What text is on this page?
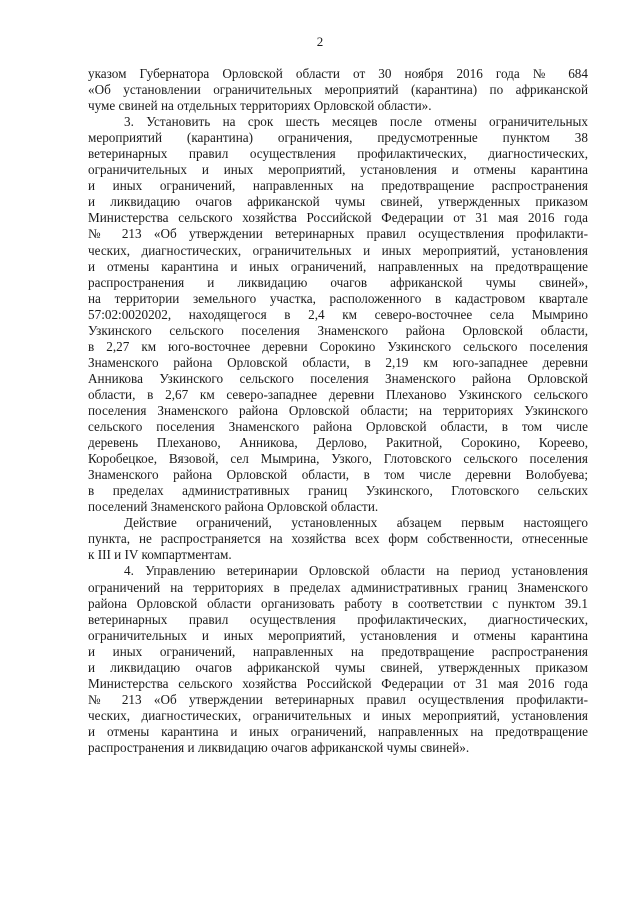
2
указом Губернатора Орловской области от 30 ноября 2016 года № 684
«Об установлении ограничительных мероприятий (карантина) по африканской
чуме свиней на отдельных территориях Орловской области».
3. Установить на срок шесть месяцев после отмены ограничительных
мероприятий (карантина) ограничения, предусмотренные пунктом 38
ветеринарных правил осуществления профилактических, диагностических,
ограничительных и иных мероприятий, установления и отмены карантина
и иных ограничений, направленных на предотвращение распространения
и ликвидацию очагов африканской чумы свиней, утвержденных приказом
Министерства сельского хозяйства Российской Федерации от 31 мая 2016 года
№ 213 «Об утверждении ветеринарных правил осуществления профилакти-
ческих, диагностических, ограничительных и иных мероприятий, установления
и отмены карантина и иных ограничений, направленных на предотвращение
распространения и ликвидацию очагов африканской чумы свиней»,
на территории земельного участка, расположенного в кадастровом квартале
57:02:0020202, находящегося в 2,4 км северо-восточнее села Мымрино
Узкинского сельского поселения Знаменского района Орловской области,
в 2,27 км юго-восточнее деревни Сорокино Узкинского сельского поселения
Знаменского района Орловской области, в 2,19 км юго-западнее деревни
Анникова Узкинского сельского поселения Знаменского района Орловской
области, в 2,67 км северо-западнее деревни Плеханово Узкинского сельского
поселения Знаменского района Орловской области; на территориях Узкинского
сельского поселения Знаменского района Орловской области, в том числе
деревень Плеханово, Анникова, Дерлово, Ракитной, Сорокино, Кореево,
Коробецкое, Вязовой, сел Мымрина, Узкого, Глотовского сельского поселения
Знаменского района Орловской области, в том числе деревни Волобуева;
в пределах административных границ Узкинского, Глотовского сельских
поселений Знаменского района Орловской области.
Действие ограничений, установленных абзацем первым настоящего
пункта, не распространяется на хозяйства всех форм собственности, отнесенные
к III и IV компартментам.
4. Управлению ветеринарии Орловской области на период установления
ограничений на территориях в пределах административных границ Знаменского
района Орловской области организовать работу в соответствии с пунктом 39.1
ветеринарных правил осуществления профилактических, диагностических,
ограничительных и иных мероприятий, установления и отмены карантина
и иных ограничений, направленных на предотвращение распространения
и ликвидацию очагов африканской чумы свиней, утвержденных приказом
Министерства сельского хозяйства Российской Федерации от 31 мая 2016 года
№ 213 «Об утверждении ветеринарных правил осуществления профилакти-
ческих, диагностических, ограничительных и иных мероприятий, установления
и отмены карантина и иных ограничений, направленных на предотвращение
распространения и ликвидацию очагов африканской чумы свиней».
